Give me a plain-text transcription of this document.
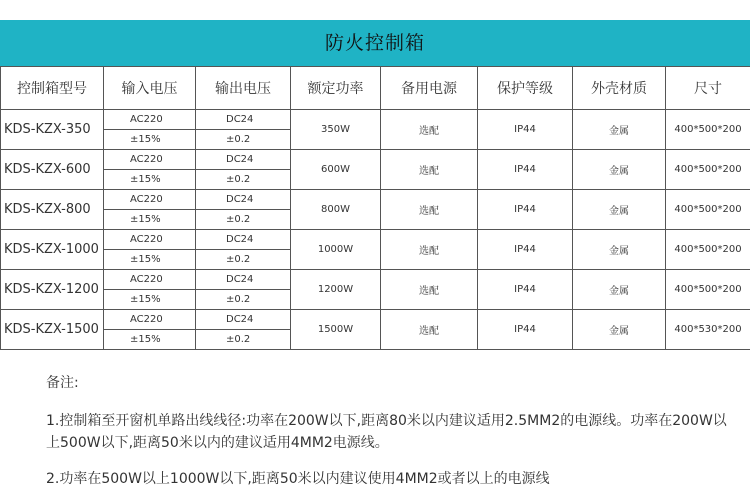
防火控制箱
控制箱型号	输入电压	输出电压	额定功率	备用电源	保护等级	外壳材质	尺寸
KDS-KZX-350	AC220	DC24	350W	选配	IP44	金属	400*500*200
	±15%	±0.2					
KDS-KZX-600	AC220	DC24	600W	选配	IP44	金属	400*500*200
	±15%	±0.2					
KDS-KZX-800	AC220	DC24	800W	选配	IP44	金属	400*500*200
	±15%	±0.2					
KDS-KZX-1000	AC220	DC24	1000W	选配	IP44	金属	400*500*200
	±15%	±0.2					
KDS-KZX-1200	AC220	DC24	1200W	选配	IP44	金属	400*500*200
	±15%	±0.2					
KDS-KZX-1500	AC220	DC24	1500W	选配	IP44	金属	400*530*200
	±15%	±0.2					
备注:
1.控制箱至开窗机单路出线线径:功率在200W以下,距离80米以内建议适用2.5MM2的电源线。功率在200W以上500W以下,距离50米以内的建议适用4MM2电源线。
2.功率在500W以上1000W以下,距离50米以内建议使用4MM2或者以上的电源线
